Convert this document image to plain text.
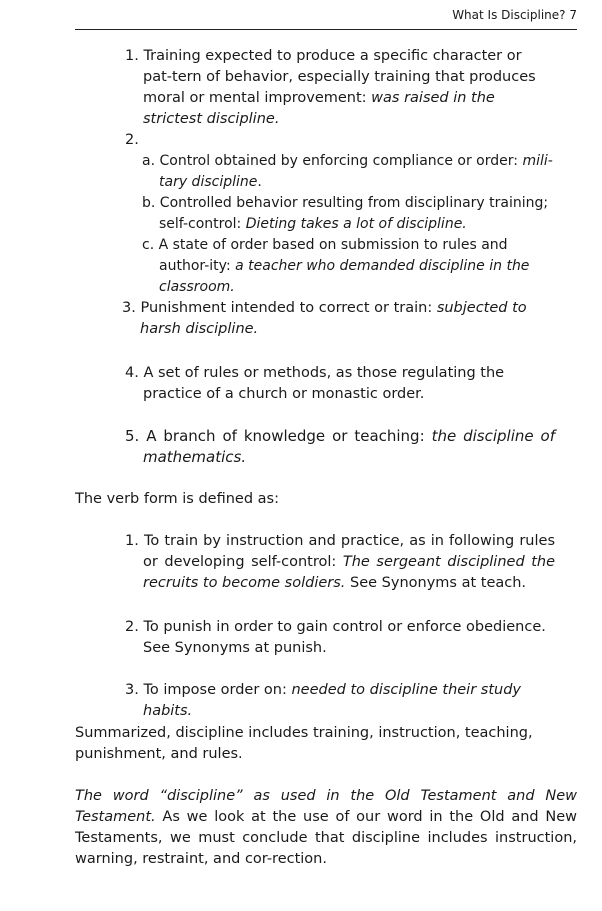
What Is Discipline? 7

1. Training expected to produce a specific character or pat-tern of behavior, especially training that produces moral or mental improvement: was raised in the strictest discipline.

2.

a. Control obtained by enforcing compliance or order: mili-tary discipline.

b. Controlled behavior resulting from disciplinary training; self-control: Dieting takes a lot of discipline.

c. A state of order based on submission to rules and author-ity: a teacher who demanded discipline in the classroom.

3. Punishment intended to correct or train: subjected to harsh discipline.

4. A set of rules or methods, as those regulating the practice of a church or monastic order.

5. A branch of knowledge or teaching: the discipline of mathematics.

The verb form is defined as:

1. To train by instruction and practice, as in following rules or developing self-control: The sergeant disciplined the recruits to become soldiers. See Synonyms at teach.

2. To punish in order to gain control or enforce obedience. See Synonyms at punish.

3. To impose order on: needed to discipline their study habits.

Summarized, discipline includes training, instruction, teaching, punishment, and rules.

The word “discipline” as used in the Old Testament and New Testament. As we look at the use of our word in the Old and New Testaments, we must conclude that discipline includes instruction, warning, restraint, and cor-rection.
